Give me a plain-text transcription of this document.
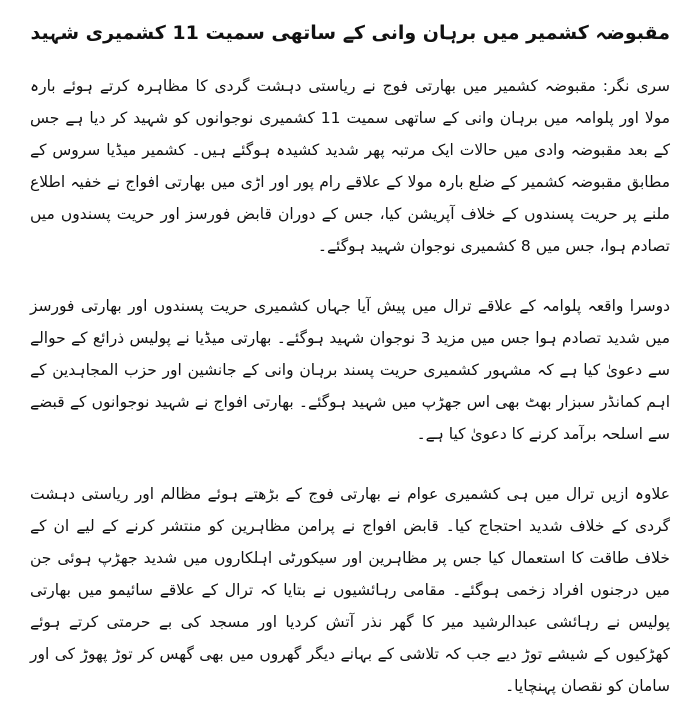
مقبوضہ کشمیر میں برہان وانی کے ساتھی سمیت 11 کشمیری شہید

سری نگر: مقبوضہ کشمیر میں بھارتی فوج نے ریاستی دہشت گردی کا مظاہرہ کرتے ہوئے بارہ مولا اور پلوامہ میں برہان وانی کے ساتھی سمیت 11 کشمیری نوجوانوں کو شہید کر دیا ہے جس کے بعد مقبوضہ وادی میں حالات ایک مرتبہ پھر شدید کشیدہ ہوگئے ہیں۔ کشمیر میڈیا سروس کے مطابق مقبوضہ کشمیر کے ضلع بارہ مولا کے علاقے رام پور اور اڑی میں بھارتی افواج نے خفیہ اطلاع ملنے پر حریت پسندوں کے خلاف آپریشن کیا، جس کے دوران قابض فورسز اور حریت پسندوں میں تصادم ہوا، جس میں 8 کشمیری نوجوان شہید ہوگئے۔

دوسرا واقعہ پلوامہ کے علاقے ترال میں پیش آیا جہاں کشمیری حریت پسندوں اور بھارتی فورسز میں شدید تصادم ہوا جس میں مزید 3 نوجوان شہید ہوگئے۔ بھارتی میڈیا نے پولیس ذرائع کے حوالے سے دعویٰ کیا ہے کہ مشہور کشمیری حریت پسند برہان وانی کے جانشین اور حزب المجاہدین کے اہم کمانڈر سبزار بھٹ بھی اس جھڑپ میں شہید ہوگئے۔ بھارتی افواج نے شہید نوجوانوں کے قبضے سے اسلحہ برآمد کرنے کا دعویٰ کیا ہے۔

علاوہ ازیں ترال میں ہی کشمیری عوام نے بھارتی فوج کے بڑھتے ہوئے مظالم اور ریاستی دہشت گردی کے خلاف شدید احتجاج کیا۔ قابض افواج نے پرامن مظاہرین کو منتشر کرنے کے لیے ان کے خلاف طاقت کا استعمال کیا جس پر مظاہرین اور سیکورٹی اہلکاروں میں شدید جھڑپ ہوئی جن میں درجنوں افراد زخمی ہوگئے۔ مقامی رہائشیوں نے بتایا کہ ترال کے علاقے سائیمو میں بھارتی پولیس نے رہائشی عبدالرشید میر کا گھر نذر آتش کردیا اور مسجد کی بے حرمتی کرتے ہوئے کھڑکیوں کے شیشے توڑ دیے جب کہ تلاشی کے بہانے دیگر گھروں میں بھی گھس کر توڑ پھوڑ کی اور سامان کو نقصان پہنچایا۔
